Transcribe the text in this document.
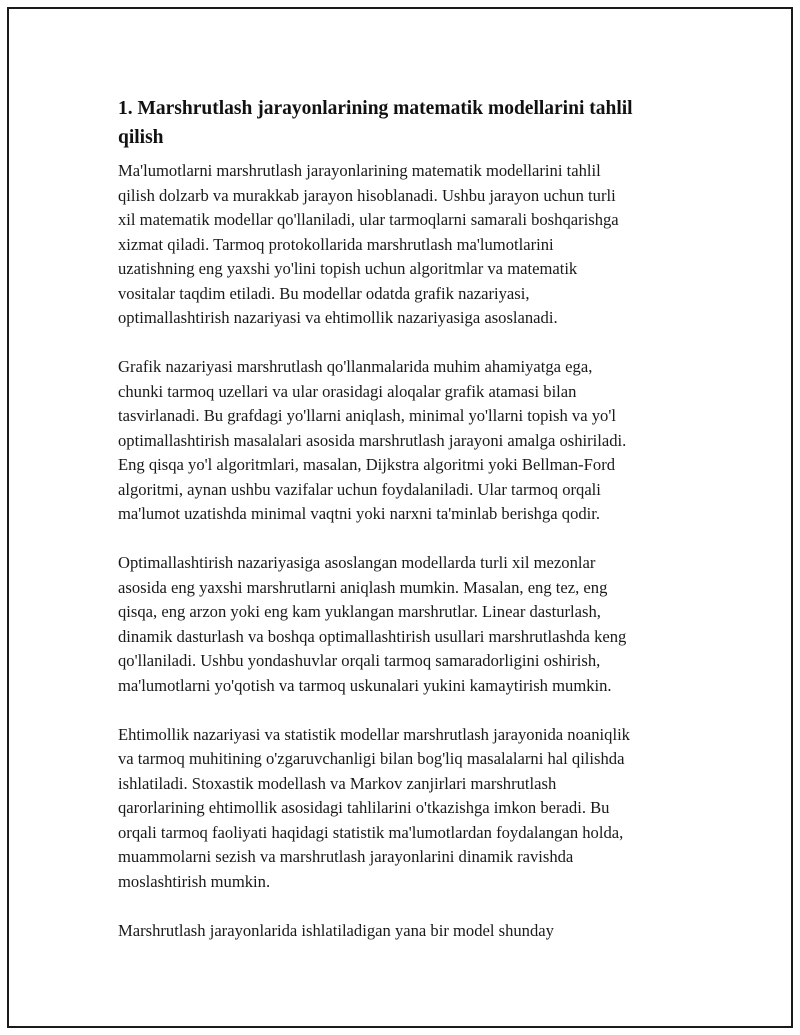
1. Marshrutlash jarayonlarining matematik modellarini tahlil
qilish

Ma'lumotlarni marshrutlash jarayonlarining matematik modellarini tahlil
qilish dolzarb va murakkab jarayon hisoblanadi. Ushbu jarayon uchun turli
xil matematik modellar qo'llaniladi, ular tarmoqlarni samarali boshqarishga
xizmat qiladi. Tarmoq protokollarida marshrutlash ma'lumotlarini
uzatishning eng yaxshi yo'lini topish uchun algoritmlar va matematik
vositalar taqdim etiladi. Bu modellar odatda grafik nazariyasi,
optimallashtirish nazariyasi va ehtimollik nazariyasiga asoslanadi.

Grafik nazariyasi marshrutlash qo'llanmalarida muhim ahamiyatga ega,
chunki tarmoq uzellari va ular orasidagi aloqalar grafik atamasi bilan
tasvirlanadi. Bu grafdagi yo'llarni aniqlash, minimal yo'llarni topish va yo'l
optimallashtirish masalalari asosida marshrutlash jarayoni amalga oshiriladi.
Eng qisqa yo'l algoritmlari, masalan, Dijkstra algoritmi yoki Bellman-Ford
algoritmi, aynan ushbu vazifalar uchun foydalaniladi. Ular tarmoq orqali
ma'lumot uzatishda minimal vaqtni yoki narxni ta'minlab berishga qodir.

Optimallashtirish nazariyasiga asoslangan modellarda turli xil mezonlar
asosida eng yaxshi marshrutlarni aniqlash mumkin. Masalan, eng tez, eng
qisqa, eng arzon yoki eng kam yuklangan marshrutlar. Linear dasturlash,
dinamik dasturlash va boshqa optimallashtirish usullari marshrutlashda keng
qo'llaniladi. Ushbu yondashuvlar orqali tarmoq samaradorligini oshirish,
ma'lumotlarni yo'qotish va tarmoq uskunalari yukini kamaytirish mumkin.

Ehtimollik nazariyasi va statistik modellar marshrutlash jarayonida noaniqlik
va tarmoq muhitining o'zgaruvchanligi bilan bog'liq masalalarni hal qilishda
ishlatiladi. Stoxastik modellash va Markov zanjirlari marshrutlash
qarorlarining ehtimollik asosidagi tahlilarini o'tkazishga imkon beradi. Bu
orqali tarmoq faoliyati haqidagi statistik ma'lumotlardan foydalangan holda,
muammolarni sezish va marshrutlash jarayonlarini dinamik ravishda
moslashtirish mumkin.

Marshrutlash jarayonlarida ishlatiladigan yana bir model shunday
